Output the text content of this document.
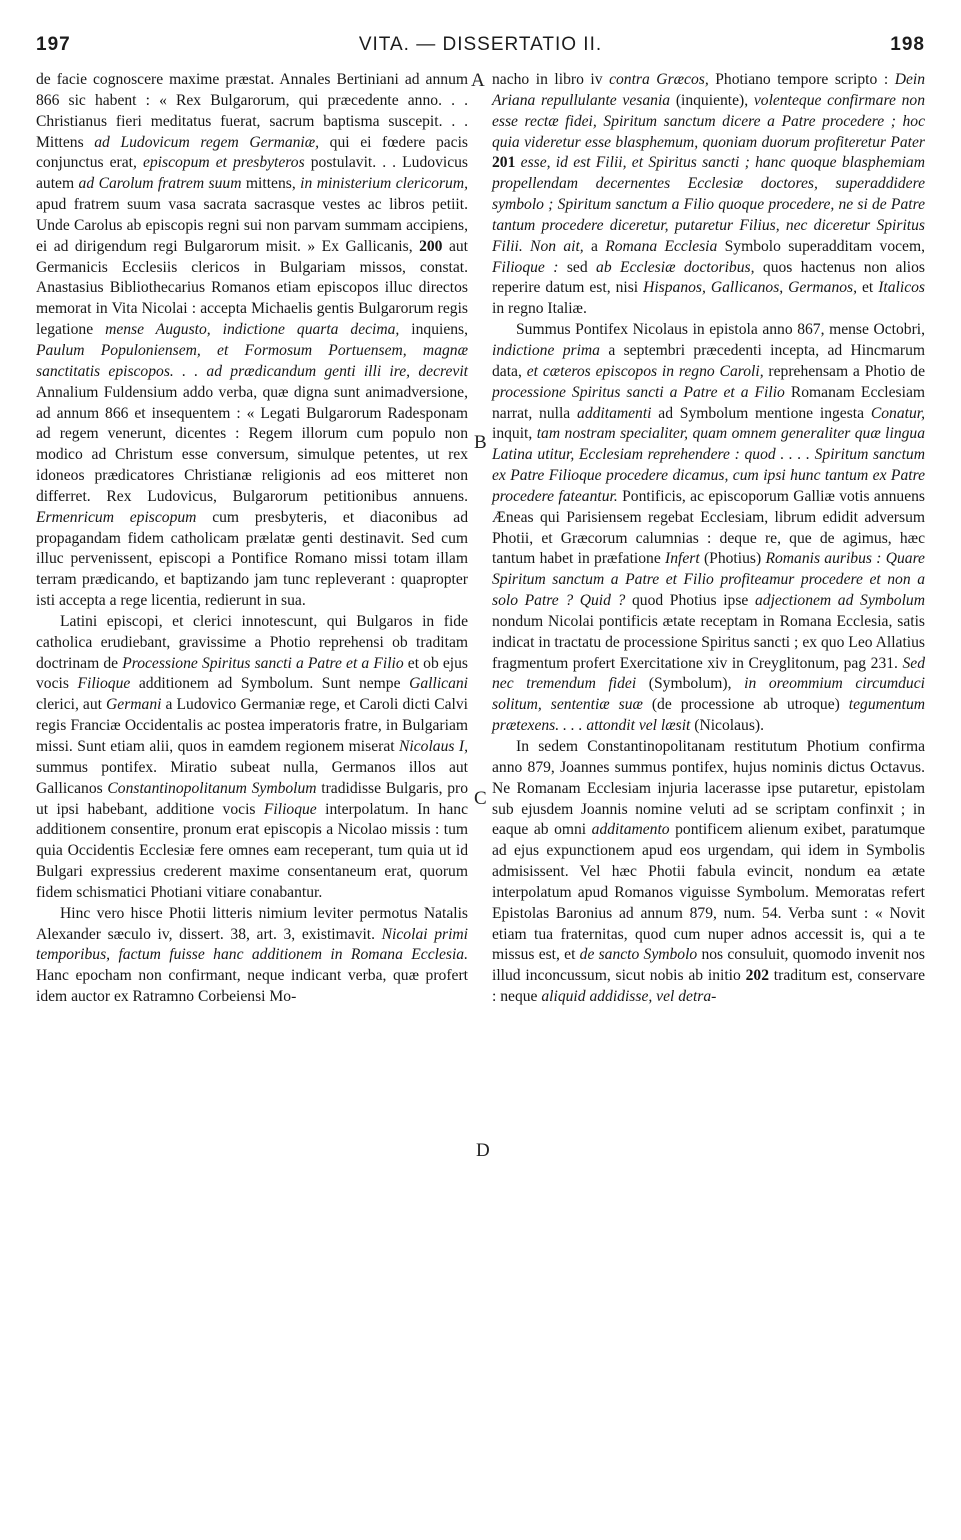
197	VITA. — DISSERTATIO II.	198
A
B
C
D

de facie cognoscere maxime præstat. Annales Bertiniani ad annum 866 sic habent : « Rex Bulgarorum, qui præcedente anno. . . Christianus fieri meditatus fuerat, sacrum baptisma suscepit. . . Mittens ad Ludovicum regem Germaniæ, qui ei fœdere pacis conjunctus erat, episcopum et presbyteros postulavit. . . Ludovicus autem ad Carolum fratrem suum mittens, in ministerium clericorum, apud fratrem suum vasa sacrata sacrasque vestes ac libros petiit. Unde Carolus ab episcopis regni sui non parvam summam accipiens, ei ad dirigendum regi Bulgarorum misit. » Ex Gallicanis, 200 aut Germanicis Ecclesiis clericos in Bulgariam missos, constat. Anastasius Bibliothecarius Romanos etiam episcopos illuc directos memorat in Vita Nicolai : accepta Michaelis gentis Bulgarorum regis legatione mense Augusto, indictione quarta decima, inquiens, Paulum Populoniensem, et Formosum Portuensem, magnæ sanctitatis episcopos. . . ad prædicandum genti illi ire, decrevit Annalium Fuldensium addo verba, quæ digna sunt animadversione, ad annum 866 et insequentem : « Legati Bulgarorum Radesponam ad regem venerunt, dicentes : Regem illorum cum populo non modico ad Christum esse conversum, simulque petentes, ut rex idoneos prædicatores Christianæ religionis ad eos mitteret non differret. Rex Ludovicus, Bulgarorum petitionibus annuens. Ermenricum episcopum cum presbyteris, et diaconibus ad propagandam fidem catholicam prælatæ genti destinavit. Sed cum illuc pervenissent, episcopi a Pontifice Romano missi totam illam terram prædicando, et baptizando jam tunc repleverant : quapropter isti accepta a rege licentia, redierunt in sua.

Latini episcopi, et clerici innotescunt, qui Bulgaros in fide catholica erudiebant, gravissime a Photio reprehensi ob traditam doctrinam de Processione Spiritus sancti a Patre et a Filio et ob ejus vocis Filioque additionem ad Symbolum. Sunt nempe Gallicani clerici, aut Germani a Ludovico Germaniæ rege, et Caroli dicti Calvi regis Franciæ Occidentalis ac postea imperatoris fratre, in Bulgariam missi. Sunt etiam alii, quos in eamdem regionem miserat Nicolaus I, summus pontifex. Miratio subeat nulla, Germanos illos aut Gallicanos Constantinopolitanum Symbolum tradidisse Bulgaris, pro ut ipsi habebant, additione vocis Filioque interpolatum. In hanc additionem consentire, pronum erat episcopis a Nicolao missis : tum quia Occidentis Ecclesiæ fere omnes eam receperant, tum quia ut id Bulgari expressius crederent maxime consentaneum erat, quorum fidem schismatici Photiani vitiare conabantur.

Hinc vero hisce Photii litteris nimium leviter permotus Natalis Alexander sæculo iv, dissert. 38, art. 3, existimavit. Nicolai primi temporibus, factum fuisse hanc additionem in Romana Ecclesia. Hanc epocham non confirmant, neque indicant verba, quæ profert idem auctor ex Ratramno Corbeiensi Mo-

nacho in libro iv contra Græcos, Photiano tempore scripto : Dein Ariana repullulante vesania (inquiente), volenteque confirmare non esse rectæ fidei, Spiritum sanctum dicere a Patre procedere ; hoc quia videretur esse blasphemum, quoniam duorum profiteretur Pater 201 esse, id est Filii, et Spiritus sancti ; hanc quoque blasphemiam propellendam decernentes Ecclesiæ doctores, superaddidere symbolo ; Spiritum sanctum a Filio quoque procedere, ne si de Patre tantum procedere diceretur, putaretur Filius, nec diceretur Spiritus Filii. Non ait, a Romana Ecclesia Symbolo superadditam vocem, Filioque : sed ab Ecclesiæ doctoribus, quos hactenus non alios reperire datum est, nisi Hispanos, Gallicanos, Germanos, et Italicos in regno Italiæ.

Summus Pontifex Nicolaus in epistola anno 867, mense Octobri, indictione prima a septembri præcedenti incepta, ad Hincmarum data, et cæteros episcopos in regno Caroli, reprehensam a Photio de processione Spiritus sancti a Patre et a Filio Romanam Ecclesiam narrat, nulla additamenti ad Symbolum mentione ingesta Conatur, inquit, tam nostram specialiter, quam omnem generaliter quæ lingua Latina utitur, Ecclesiam reprehendere : quod . . . . Spiritum sanctum ex Patre Filioque procedere dicamus, cum ipsi hunc tantum ex Patre procedere fateantur. Pontificis, ac episcoporum Galliæ votis annuens Æneas qui Parisiensem regebat Ecclesiam, librum edidit adversum Photii, et Græcorum calumnias : deque re, que de agimus, hæc tantum habet in præfatione Infert (Photius) Romanis auribus : Quare Spiritum sanctum a Patre et Filio profiteamur procedere et non a solo Patre ? Quid ? quod Photius ipse adjectionem ad Symbolum nondum Nicolai pontificis ætate receptam in Romana Ecclesia, satis indicat in tractatu de processione Spiritus sancti ; ex quo Leo Allatius fragmentum profert Exercitatione xiv in Creyglitonum, pag 231. Sed nec tremendum fidei (Symbolum), in oreommium circumduci solitum, sententiæ suæ (de processione ab utroque) tegumentum prætexens. . . . attondit vel læsit (Nicolaus).

In sedem Constantinopolitanam restitutum Photium confirma anno 879, Joannes summus pontifex, hujus nominis dictus Octavus. Ne Romanam Ecclesiam injuria lacerasse ipse putaretur, epistolam sub ejusdem Joannis nomine veluti ad se scriptam confinxit ; in eaque ab omni additamento pontificem alienum exibet, paratumque ad ejus expunctionem apud eos urgendam, qui idem in Symbolis admisissent. Vel hæc Photii fabula evincit, nondum ea ætate interpolatum apud Romanos viguisse Symbolum. Memoratas refert Epistolas Baronius ad annum 879, num. 54. Verba sunt : « Novit etiam tua fraternitas, quod cum nuper adnos accessit is, qui a te missus est, et de sancto Symbolo nos consuluit, quomodo invenit nos illud inconcussum, sicut nobis ab initio 202 traditum est, conservare : neque aliquid addidisse, vel detra-
